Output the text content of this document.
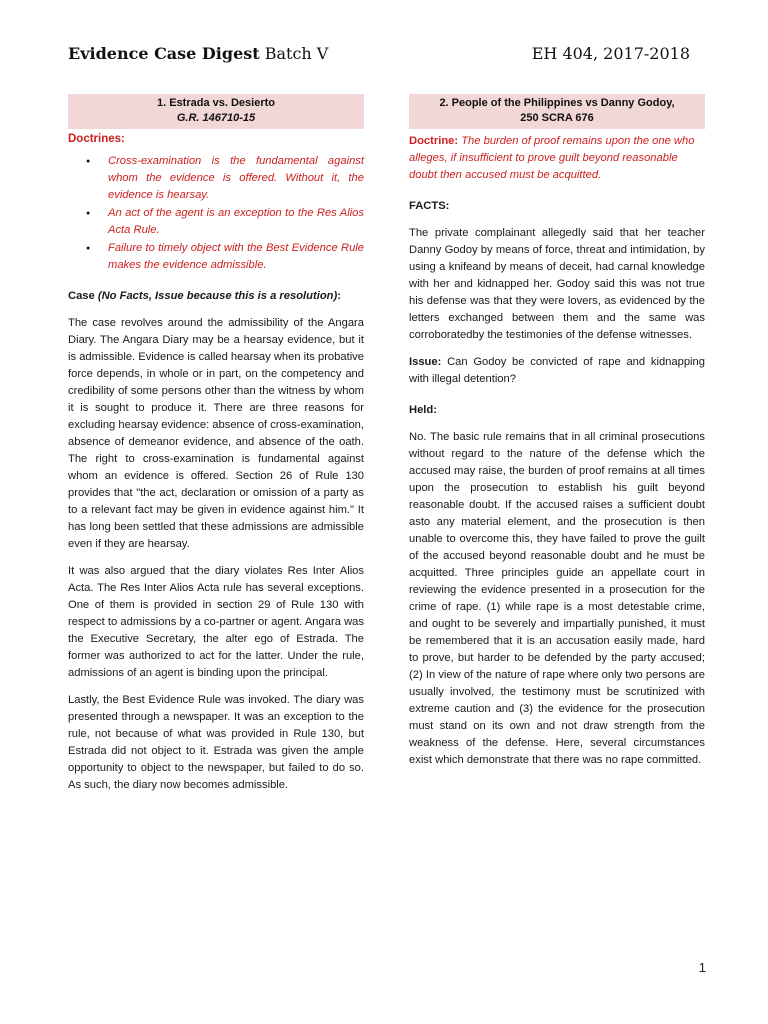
Evidence Case Digest Batch V	EH 404, 2017-2018
1. Estrada vs. Desierto
G.R. 146710-15
Doctrines:
● Cross-examination is the fundamental against whom the evidence is offered. Without it, the evidence is hearsay.
● An act of the agent is an exception to the Res Alios Acta Rule.
● Failure to timely object with the Best Evidence Rule makes the evidence admissible.
Case (No Facts, Issue because this is a resolution):

The case revolves around the admissibility of the Angara Diary. The Angara Diary may be a hearsay evidence, but it is admissible. Evidence is called hearsay when its probative force depends, in whole or in part, on the competency and credibility of some persons other than the witness by whom it is sought to produce it. There are three reasons for excluding hearsay evidence: absence of cross-examination, absence of demeanor evidence, and absence of the oath. The right to cross-examination is fundamental against whom an evidence is offered. Section 26 of Rule 130 provides that "the act, declaration or omission of a party as to a relevant fact may be given in evidence against him." It has long been settled that these admissions are admissible even if they are hearsay.

It was also argued that the diary violates Res Inter Alios Acta. The Res Inter Alios Acta rule has several exceptions. One of them is provided in section 29 of Rule 130 with respect to admissions by a co-partner or agent. Angara was the Executive Secretary, the alter ego of Estrada. The former was authorized to act for the latter. Under the rule, admissions of an agent is binding upon the principal.

Lastly, the Best Evidence Rule was invoked. The diary was presented through a newspaper. It was an exception to the rule, not because of what was provided in Rule 130, but Estrada did not object to it. Estrada was given the ample opportunity to object to the newspaper, but failed to do so. As such, the diary now becomes admissible.

2. People of the Philippines vs Danny Godoy,
250 SCRA 676
Doctrine: The burden of proof remains upon the one who alleges, if insufficient to prove guilt beyond reasonable doubt then accused must be acquitted.
FACTS:

The private complainant allegedly said that her teacher Danny Godoy by means of force, threat and intimidation, by using a knifeand by means of deceit, had carnal knowledge with her and kidnapped her. Godoy said this was not true his defense was that they were lovers, as evidenced by the letters exchanged between them and the same was corroboratedby the testimonies of the defense witnesses.

Issue: Can Godoy be convicted of rape and kidnapping with illegal detention?

Held:

No. The basic rule remains that in all criminal prosecutions without regard to the nature of the defense which the accused may raise, the burden of proof remains at all times upon the prosecution to establish his guilt beyond reasonable doubt. If the accused raises a sufficient doubt asto any material element, and the prosecution is then unable to overcome this, they have failed to prove the guilt of the accused beyond reasonable doubt and he must be acquitted. Three principles guide an appellate court in reviewing the evidence presented in a prosecution for the crime of rape. (1) while rape is a most detestable crime, and ought to be severely and impartially punished, it must be remembered that it is an accusation easily made, hard to prove, but harder to be defended by the party accused; (2) In view of the nature of rape where only two persons are usually involved, the testimony must be scrutinized with extreme caution and (3) the evidence for the prosecution must stand on its own and not draw strength from the weakness of the defense. Here, several circumstances exist which demonstrate that there was no rape committed.

1
